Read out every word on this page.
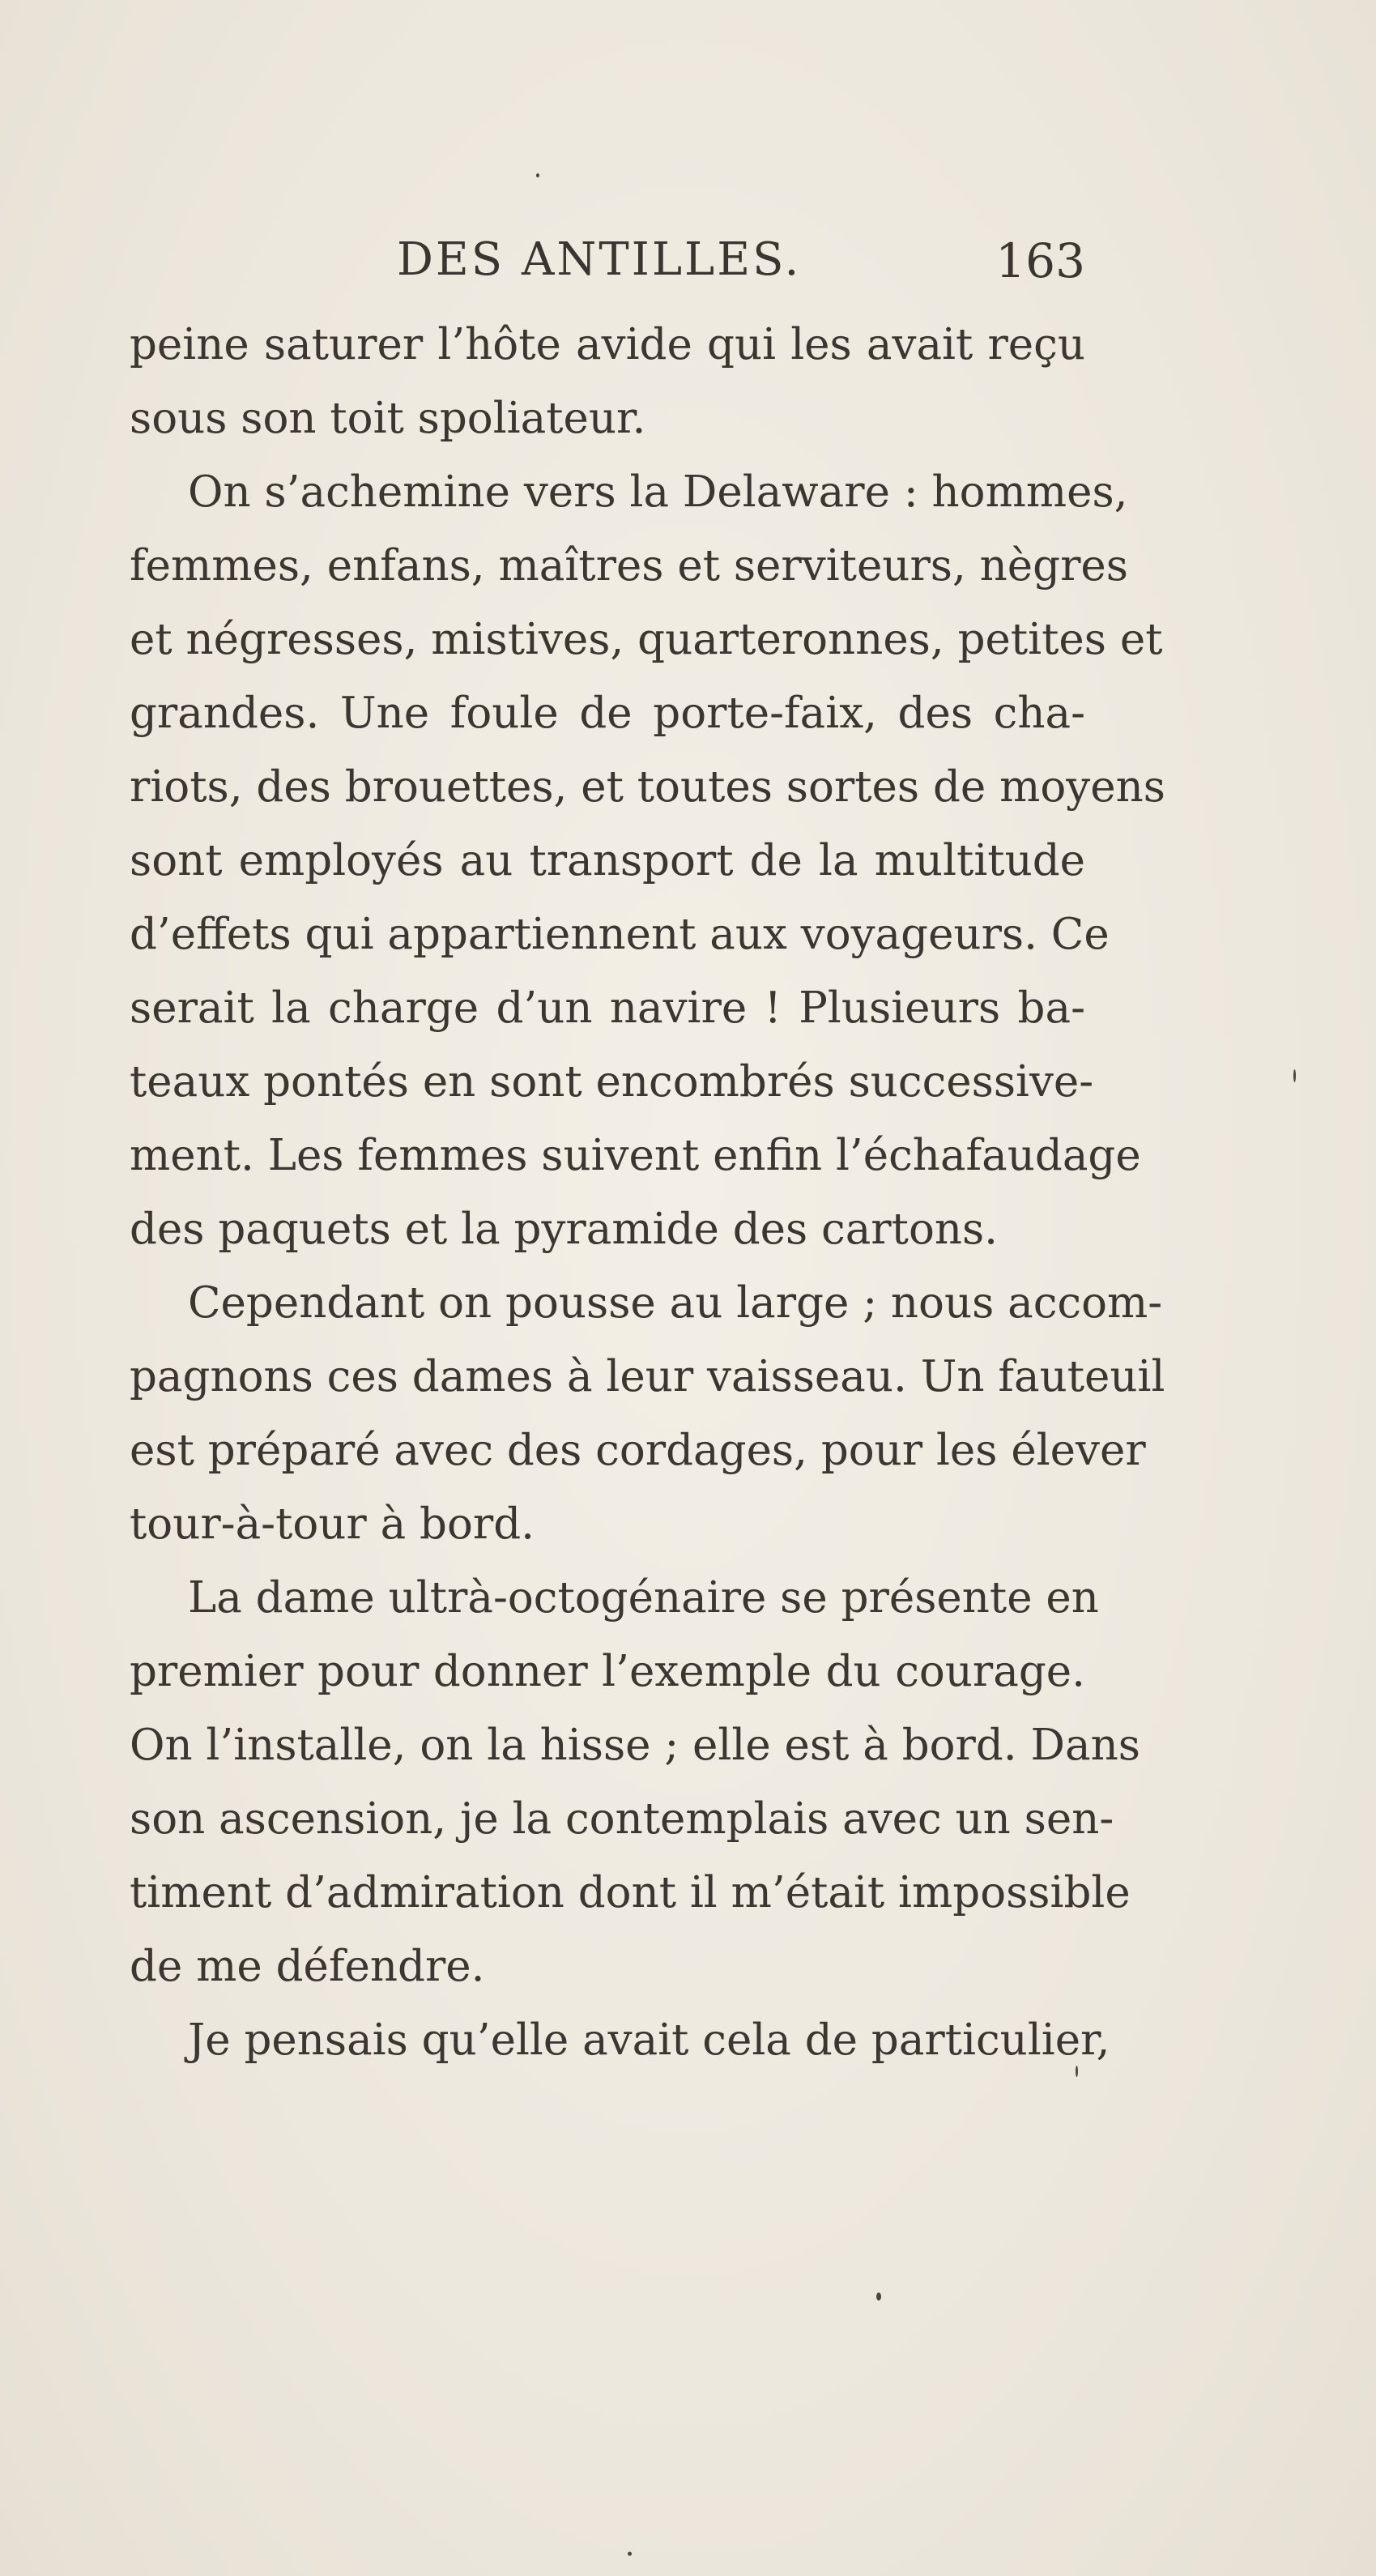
DES ANTILLES.	163
peine saturer l’hôte avide qui les avait reçu
sous son toit spoliateur.
On s’achemine vers la Delaware : hommes,
femmes, enfans, maîtres et serviteurs, nègres
et négresses, mistives, quarteronnes, petites et
grandes. Une foule de porte-faix, des cha-
riots, des brouettes, et toutes sortes de moyens
sont employés au transport de la multitude
d’effets qui appartiennent aux voyageurs. Ce
serait la charge d’un navire ! Plusieurs ba-
teaux pontés en sont encombrés successive-
ment. Les femmes suivent enfin l’échafaudage
des paquets et la pyramide des cartons.
Cependant on pousse au large ; nous accom-
pagnons ces dames à leur vaisseau. Un fauteuil
est préparé avec des cordages, pour les élever
tour-à-tour à bord.
La dame ultrà-octogénaire se présente en
premier pour donner l’exemple du courage.
On l’installe, on la hisse ; elle est à bord. Dans
son ascension, je la contemplais avec un sen-
timent d’admiration dont il m’était impossible
de me défendre.
Je pensais qu’elle avait cela de particulier,
